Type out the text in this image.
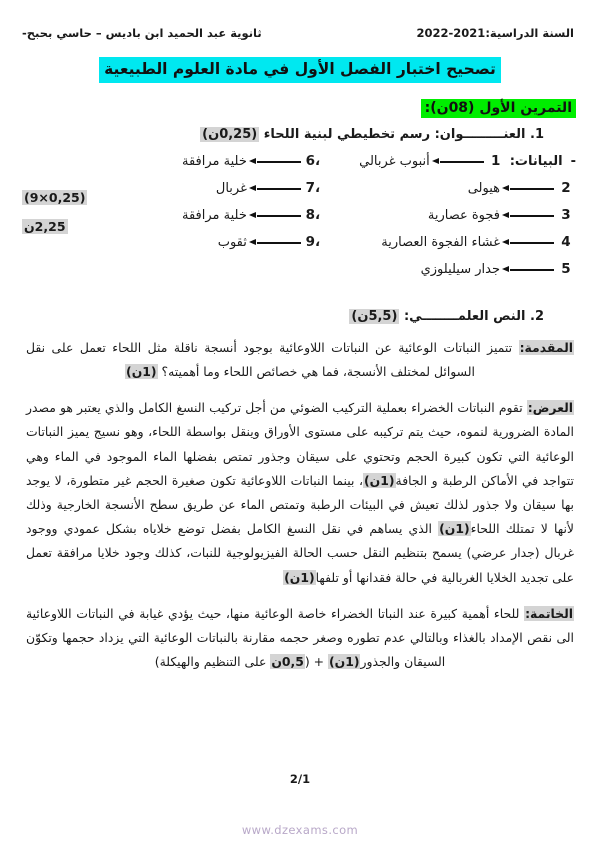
ثانوية عبد الحميد ابن باديس – حاسي بحبح-	السنة الدراسية:2021-2022
تصحيح اختبار الفصل الأول في مادة العلوم الطبيعية
التمرين الأول (08ن):
1. العنـــــــــوان: رسم تخطيطي لبنية اللحاء (0,25ن)
-
البيانات:
1
أنبوب غربالي
2
هيولى
3
فجوة عصارية
4
غشاء الفجوة العصارية
5
جدار سيليلوزي
6،
خلية مرافقة
7،
غربال
8،
خلية مرافقة
9،
ثقوب
(9×0,25)
2,25ن
2. النص العلمــــــــي: (5,5ن)
المقدمة: تتميز النباتات الوعائية عن النباتات اللاوعائية بوجود أنسجة ناقلة مثل اللحاء تعمل على نقل السوائل لمختلف الأنسجة، فما هي خصائص اللحاء وما أهميته؟ (1ن)
العرض: تقوم النباتات الخضراء بعملية التركيب الضوئي من أجل تركيب النسغ الكامل والذي يعتبر هو مصدر المادة الضرورية لنموه، حيث يتم تركيبه على مستوى الأوراق وينقل بواسطة اللحاء، وهو نسيج يميز النباتات الوعائية التي تكون كبيرة الحجم وتحتوي على سيقان وجذور تمتص بفضلها الماء الموجود في الماء وهي تتواجد في الأماكن الرطبة و الجافة(1ن)، بينما النباتات اللاوعائية تكون صغيرة الحجم غير متطورة، لا يوجد بها سيقان ولا جذور لذلك تعيش في البيئات الرطبة وتمتص الماء عن طريق سطح الأنسجة الخارجية وذلك لأنها لا تمتلك اللحاء(1ن) الذي يساهم في نقل النسغ الكامل بفضل توضع خلاياه بشكل عمودي ووجود غربال (جدار عرضي) يسمح بتنظيم النقل حسب الحالة الفيزيولوجية للنبات، كذلك وجود خلايا مرافقة تعمل على تجديد الخلايا الغربالية في حالة فقدانها أو تلفها(1ن)
الخاتمة: للحاء أهمية كبيرة عند النباتا الخضراء خاصة الوعائية منها، حيث يؤدي غيابة في النباتات اللاوعائية الى نقص الإمداد بالغذاء وبالتالي عدم تطوره وصغر حجمه مقارنة بالنباتات الوعائية التي يزداد حجمها وتكوّن السيقان والجذور(1ن) + (0,5ن على التنظيم والهيكلة)
2/1
www.dzexams.com
